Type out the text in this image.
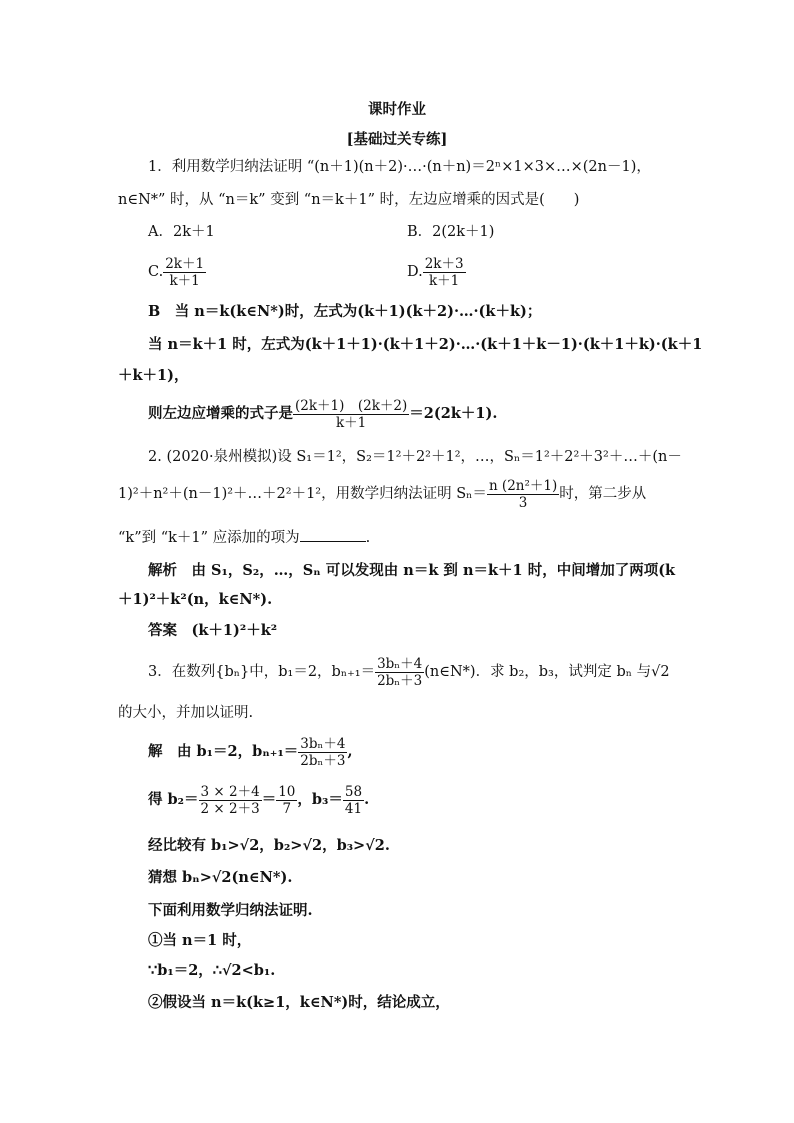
课时作业
[基础过关专练]
1．利用数学归纳法证明 “(n＋1)(n＋2)·…·(n＋n)＝2ⁿ×1×3×…×(2n－1)，
n∈N*” 时，从 “n＝k” 变到 “n＝k＋1” 时，左边应增乘的因式是(　　)
A．2k＋1	B．2(2k＋1)
C. $\frac{2k+1}{k+1}$	D. $\frac{2k+3}{k+1}$
B　当 n＝k(k∈N*)时，左式为(k＋1)(k＋2)·…·(k＋k)；
当 n＝k＋1 时，左式为(k＋1＋1)·(k＋1＋2)·…·(k＋1＋k－1)·(k＋1＋k)·(k＋1
＋k＋1)，
则左边应增乘的式子是 $\frac{(2k+1) (2k+2)}{k+1} =2(2k+1)$.
2. (2020·泉州模拟)设 S₁＝1²，S₂＝1²＋2²＋1²，…，Sₙ＝1²＋2²＋3²＋…＋(n－
1)²＋n²＋(n－1)²＋…＋2²＋1²，用数学归纳法证明 $S_n= \frac{\text{n (2n²＋1)}}{3}$ 时，第二步从
“k”到 “k＋1” 应添加的项为	.
解析　由 S₁，S₂，…，Sₙ 可以发现由 n＝k 到 n＝k＋1 时，中间增加了两项(k
＋1)²＋k²(n，k∈N*).
答案　(k＋1)²＋k²
3．在数列{bₙ}中，b₁＝2，$b_{n+1}= \frac{\text{3bₙ＋4}}{\text{2bₙ＋3}}$ (n∈N*)．求 b₂，b₃，试判定 bₙ 与√2
的大小，并加以证明.
解　由 b₁＝2，$b_{n+1}= \frac{\text{3bₙ＋4}}{\text{2bₙ＋3}}$ ,
得 $b_2= \frac{3 \times 2+4}{2 \times 2+3} = \frac{10}{7}$ ，$b_3= \frac{58}{41}$ .
经比较有 b₁>√2，b₂>√2，b₃>√2.
猜想 bₙ>√2(n∈N*).
下面利用数学归纳法证明.
①当 n＝1 时，
∵b₁＝2，∴√2<b₁.
②假设当 n＝k(k≥1，k∈N*)时，结论成立，
